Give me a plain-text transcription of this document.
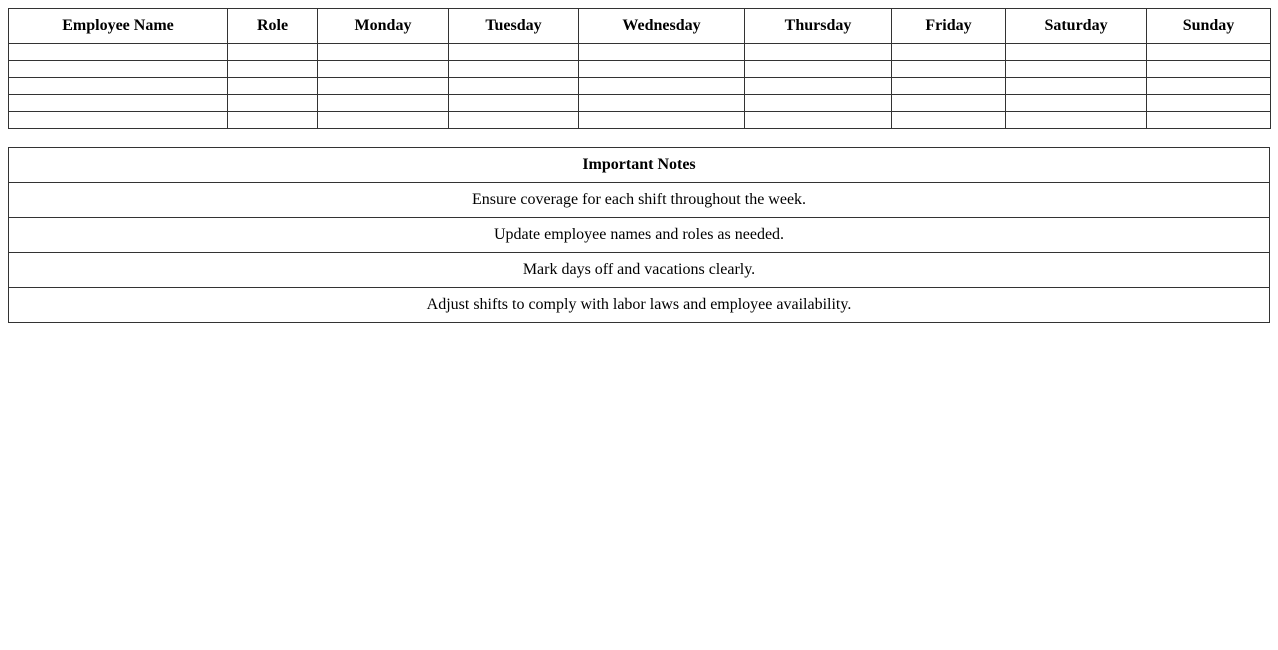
Employee Name	Role	Monday	Tuesday	Wednesday	Thursday	Friday	Saturday	Sunday

Important Notes
Ensure coverage for each shift throughout the week.
Update employee names and roles as needed.
Mark days off and vacations clearly.
Adjust shifts to comply with labor laws and employee availability.
